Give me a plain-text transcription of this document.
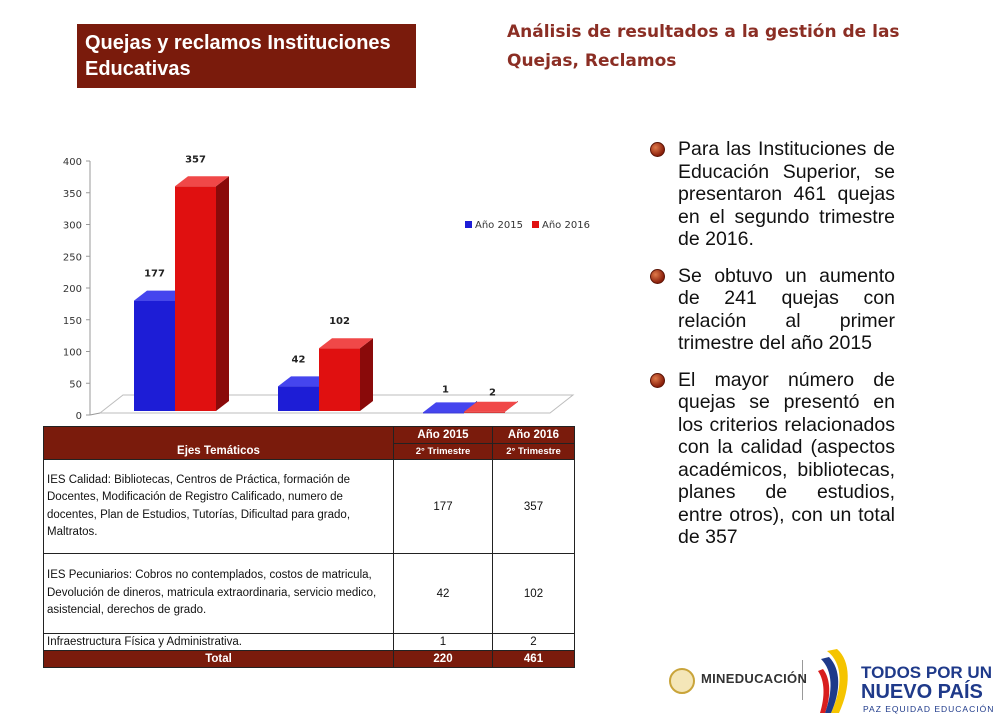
Quejas y reclamos Instituciones Educativas
Análisis de resultados a la gestión de las
Quejas, Reclamos
0
50
100
150
200
250
300
350
400
177
357
42
102
1	2
Año 2015 Año 2016
Para las Instituciones de Educación Superior, se presentaron 461 quejas en el segundo trimestre de 2016.
Se obtuvo un aumento de 241 quejas con relación al primer trimestre del año 2015
El mayor número de quejas se presentó en los criterios relacionados con la calidad (aspectos académicos, bibliotecas, planes de estudios, entre otros), con un total de 357
Ejes Temáticos	Año 2015	Año 2016
	2° Trimestre	2° Trimestre
IES Calidad: Bibliotecas, Centros de Práctica, formación de Docentes, Modificación de Registro Calificado, numero de docentes, Plan de Estudios, Tutorías, Dificultad para grado, Maltratos.	177	357
IES Pecuniarios: Cobros no contemplados, costos de matricula, Devolución de dineros, matricula extraordinaria, servicio medico, asistencial, derechos de grado.	42	102
Infraestructura Física y Administrativa.	1	2
Total	220	461
MINEDUCACIÓN	TODOS POR UN
NUEVO PAÍS
PAZ EQUIDAD EDUCACIÓN
